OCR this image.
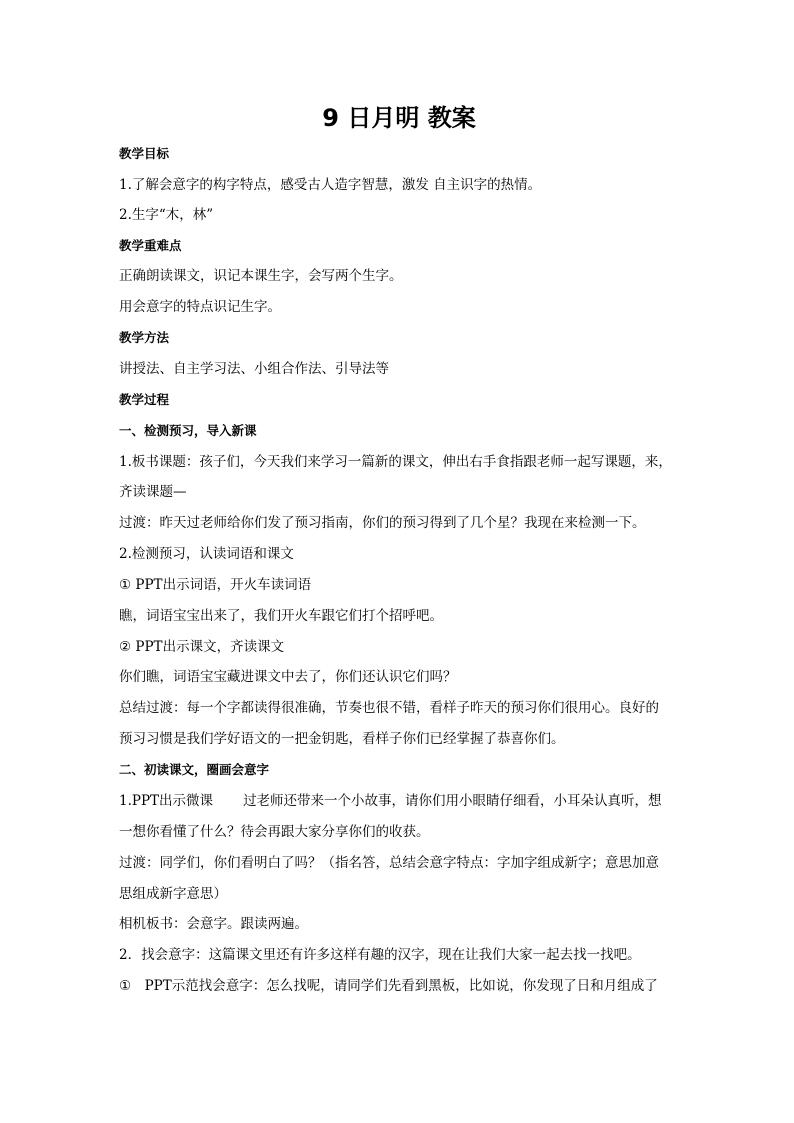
9 日月明 教案
教学目标
1.了解会意字的构字特点，感受古人造字智慧，激发 自主识字的热情。
2.生字“木，林”
教学重难点
正确朗读课文，识记本课生字，会写两个生字。
用会意字的特点识记生字。
教学方法
讲授法、自主学习法、小组合作法、引导法等
教学过程
一、检测预习，导入新课
1.板书课题：孩子们，今天我们来学习一篇新的课文，伸出右手食指跟老师一起写课题，来，
齐读课题—
过渡：昨天过老师给你们发了预习指南，你们的预习得到了几个星？我现在来检测一下。
2.检测预习，认读词语和课文
① PPT出示词语，开火车读词语
瞧，词语宝宝出来了，我们开火车跟它们打个招呼吧。
② PPT出示课文，齐读课文
你们瞧，词语宝宝藏进课文中去了，你们还认识它们吗？
总结过渡：每一个字都读得很准确，节奏也很不错，看样子昨天的预习你们很用心。良好的
预习习惯是我们学好语文的一把金钥匙，看样子你们已经掌握了恭喜你们。
二、初读课文，圈画会意字
1.PPT出示微课 过老师还带来一个小故事，请你们用小眼睛仔细看，小耳朵认真听，想
一想你看懂了什么？待会再跟大家分享你们的收获。
过渡：同学们，你们看明白了吗？（指名答，总结会意字特点：字加字组成新字；意思加意
思组成新字意思）
相机板书：会意字。跟读两遍。
2．找会意字：这篇课文里还有许多这样有趣的汉字，现在让我们大家一起去找一找吧。
①　PPT示范找会意字：怎么找呢，请同学们先看到黑板，比如说，你发现了日和月组成了
